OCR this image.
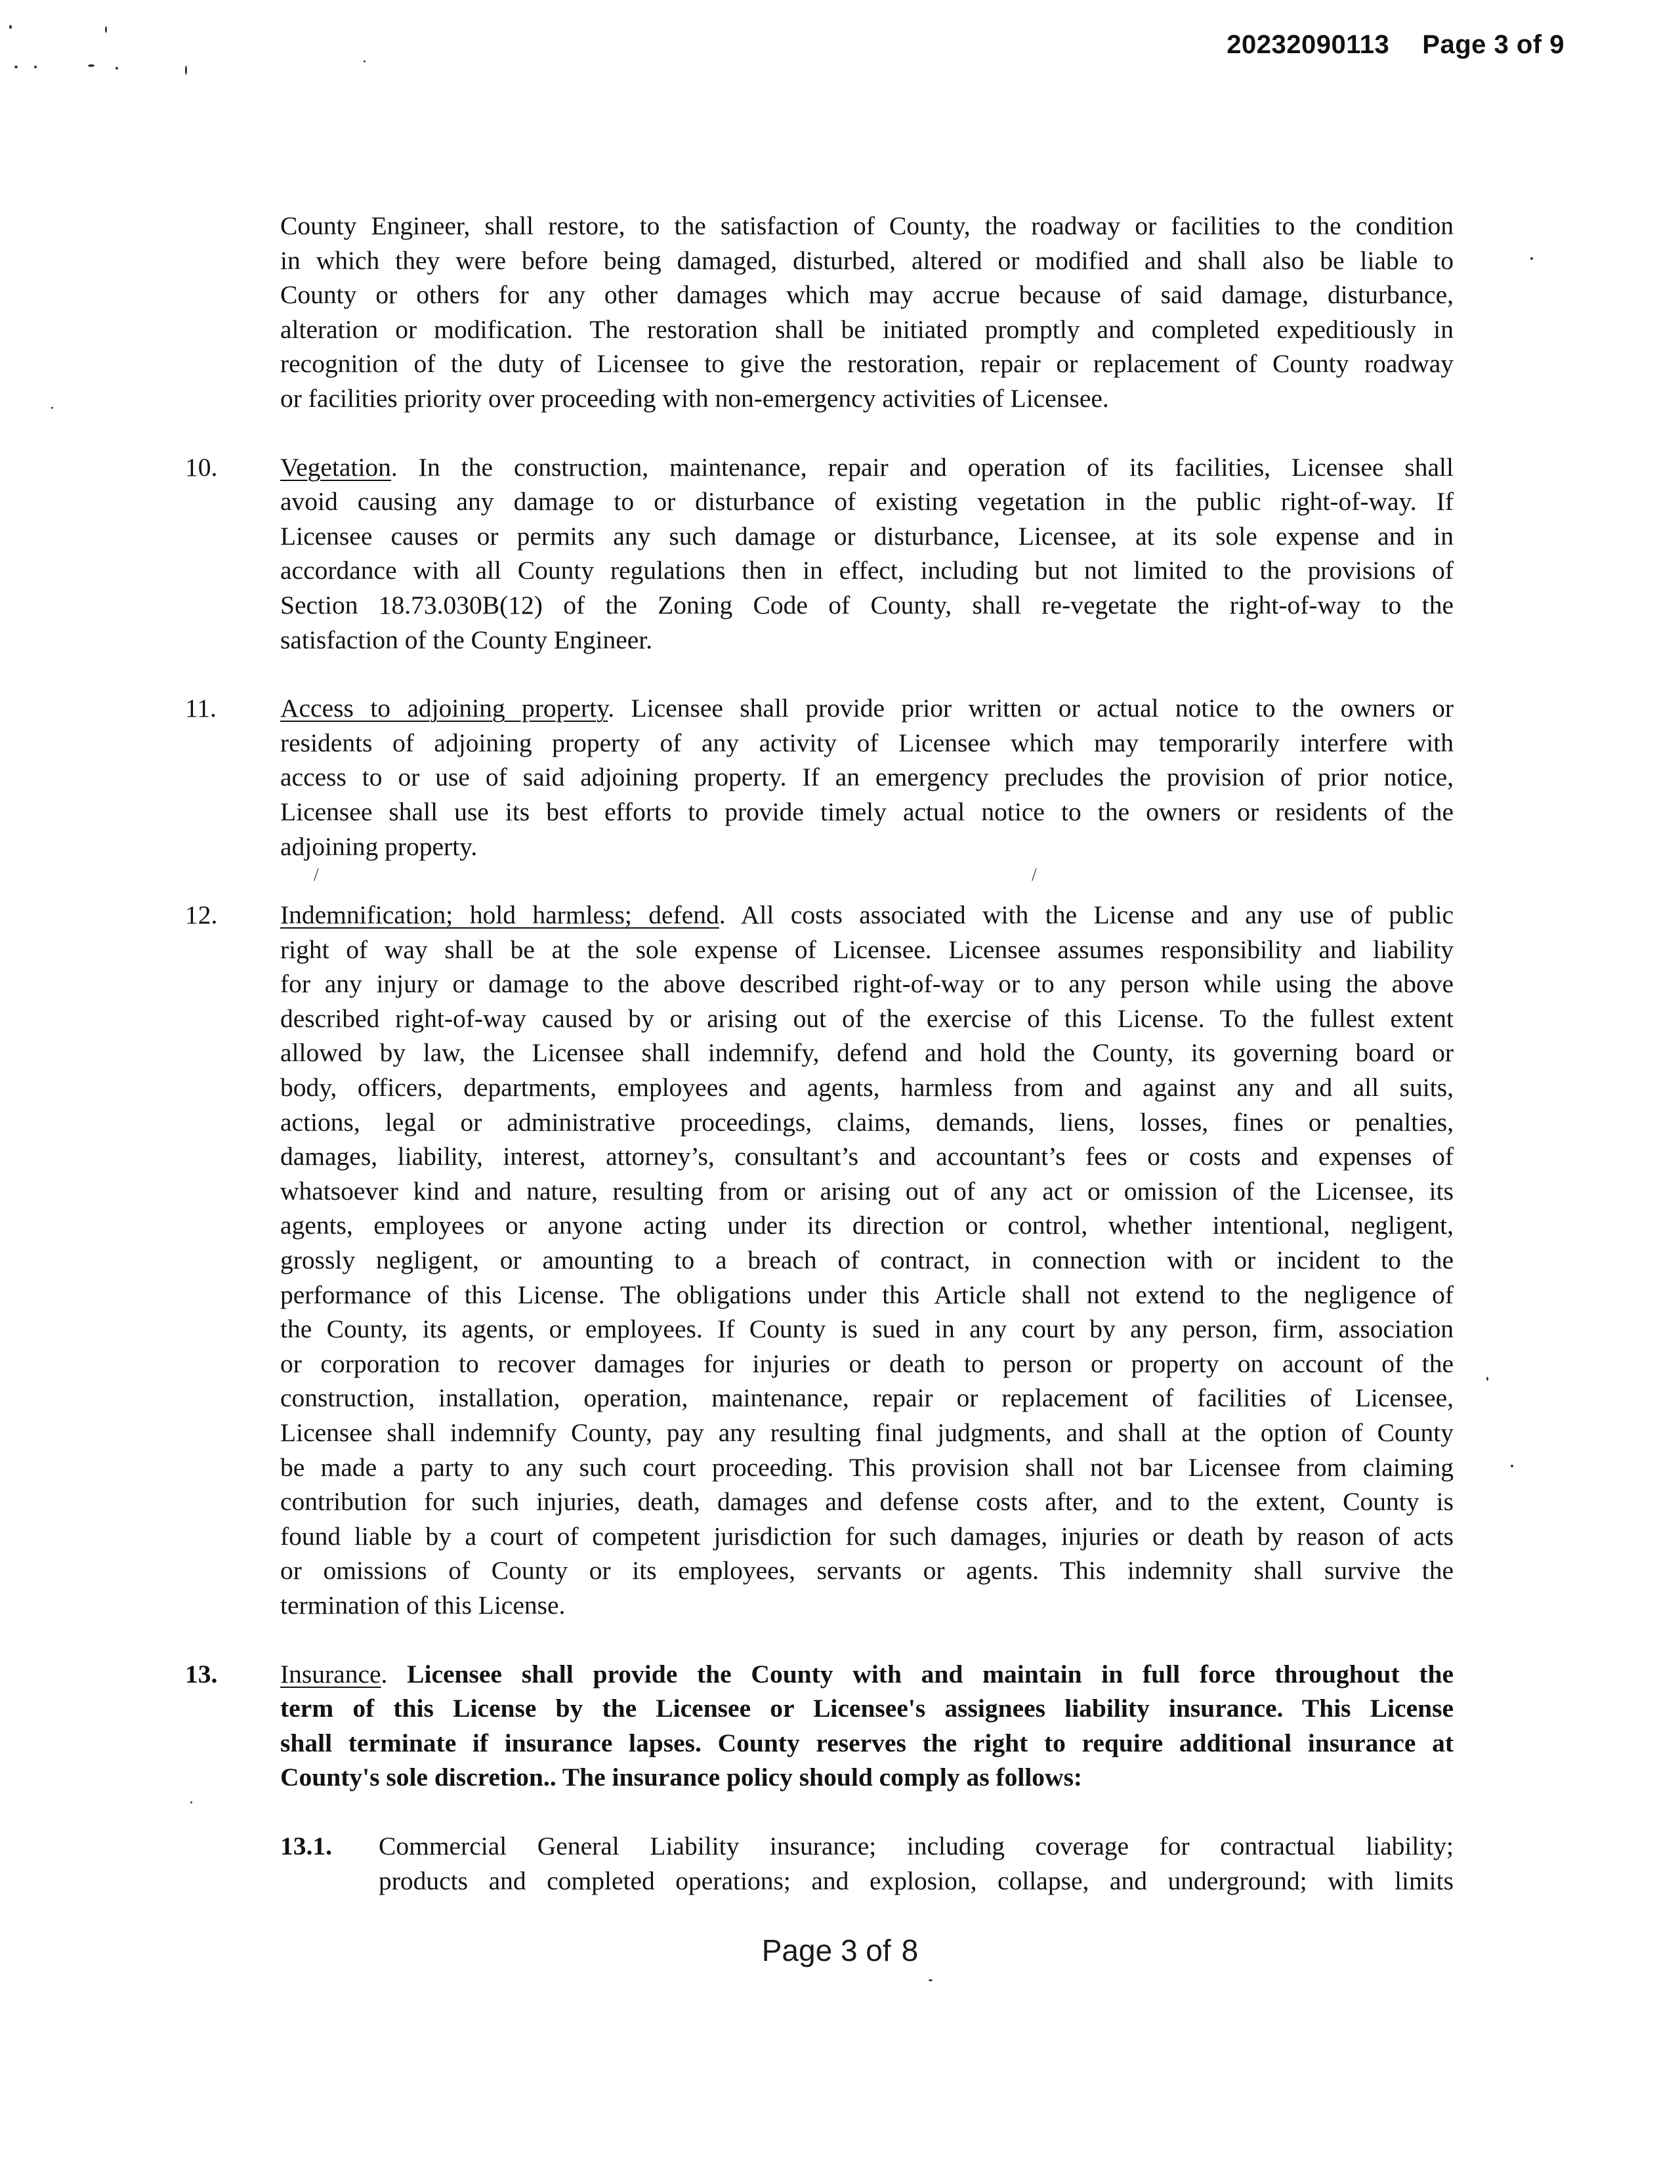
20232090113 Page 3 of 9
County Engineer, shall restore, to the satisfaction of County, the roadway or facilities to the condition
in which they were before being damaged, disturbed, altered or modified and shall also be liable to
County or others for any other damages which may accrue because of said damage, disturbance,
alteration or modification. The restoration shall be initiated promptly and completed expeditiously in
recognition of the duty of Licensee to give the restoration, repair or replacement of County roadway
or facilities priority over proceeding with non-emergency activities of Licensee.
10. Vegetation. In the construction, maintenance, repair and operation of its facilities, Licensee shall
avoid causing any damage to or disturbance of existing vegetation in the public right-of-way. If
Licensee causes or permits any such damage or disturbance, Licensee, at its sole expense and in
accordance with all County regulations then in effect, including but not limited to the provisions of
Section 18.73.030B(12) of the Zoning Code of County, shall re-vegetate the right-of-way to the
satisfaction of the County Engineer.
11. Access to adjoining property. Licensee shall provide prior written or actual notice to the owners or
residents of adjoining property of any activity of Licensee which may temporarily interfere with
access to or use of said adjoining property. If an emergency precludes the provision of prior notice,
Licensee shall use its best efforts to provide timely actual notice to the owners or residents of the
adjoining property.
12. Indemnification; hold harmless; defend. All costs associated with the License and any use of public
right of way shall be at the sole expense of Licensee. Licensee assumes responsibility and liability
for any injury or damage to the above described right-of-way or to any person while using the above
described right-of-way caused by or arising out of the exercise of this License. To the fullest extent
allowed by law, the Licensee shall indemnify, defend and hold the County, its governing board or
body, officers, departments, employees and agents, harmless from and against any and all suits,
actions, legal or administrative proceedings, claims, demands, liens, losses, fines or penalties,
damages, liability, interest, attorney’s, consultant’s and accountant’s fees or costs and expenses of
whatsoever kind and nature, resulting from or arising out of any act or omission of the Licensee, its
agents, employees or anyone acting under its direction or control, whether intentional, negligent,
grossly negligent, or amounting to a breach of contract, in connection with or incident to the
performance of this License. The obligations under this Article shall not extend to the negligence of
the County, its agents, or employees. If County is sued in any court by any person, firm, association
or corporation to recover damages for injuries or death to person or property on account of the
construction, installation, operation, maintenance, repair or replacement of facilities of Licensee,
Licensee shall indemnify County, pay any resulting final judgments, and shall at the option of County
be made a party to any such court proceeding. This provision shall not bar Licensee from claiming
contribution for such injuries, death, damages and defense costs after, and to the extent, County is
found liable by a court of competent jurisdiction for such damages, injuries or death by reason of acts
or omissions of County or its employees, servants or agents. This indemnity shall survive the
termination of this License.
13. Insurance. Licensee shall provide the County with and maintain in full force throughout the
term of this License by the Licensee or Licensee's assignees liability insurance. This License
shall terminate if insurance lapses. County reserves the right to require additional insurance at
County's sole discretion.. The insurance policy should comply as follows:
13.1. Commercial General Liability insurance; including coverage for contractual liability;
products and completed operations; and explosion, collapse, and underground; with limits
/	/
Page 3 of 8
